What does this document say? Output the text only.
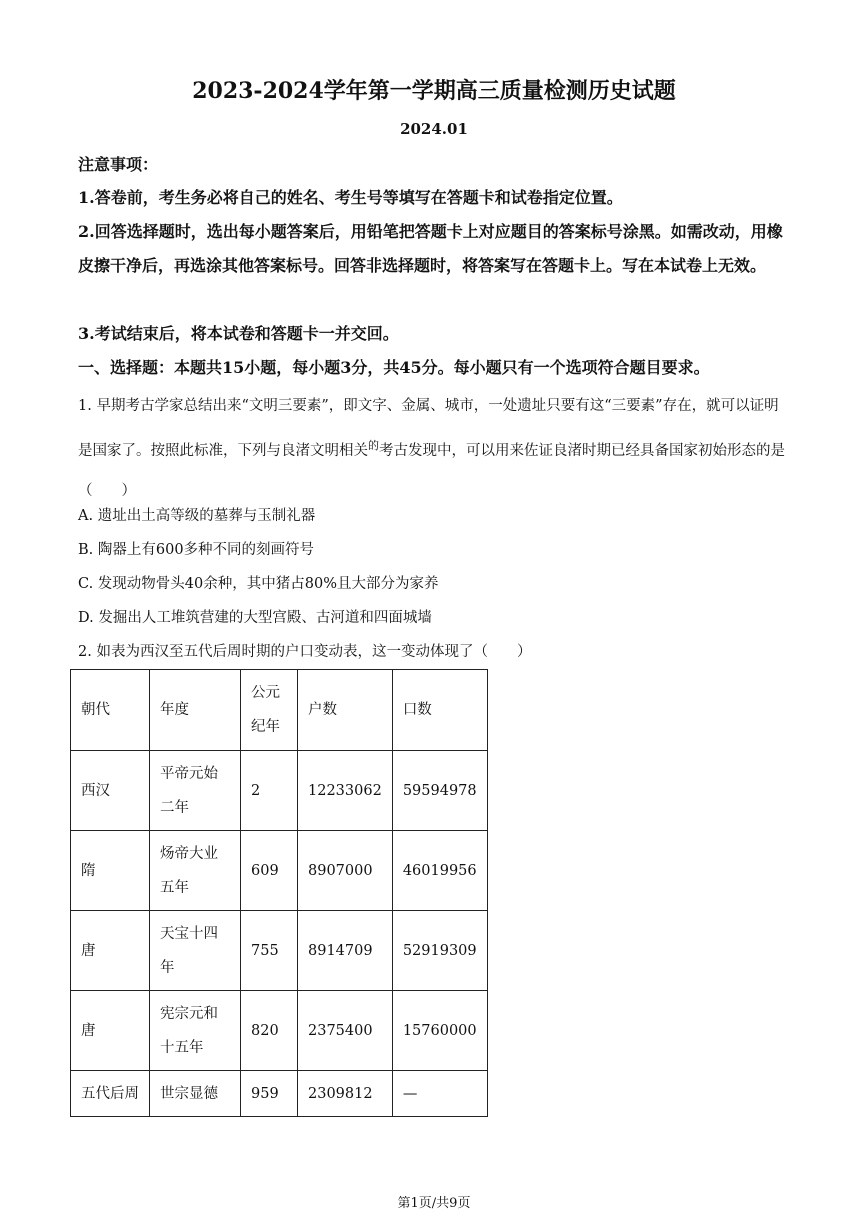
2023-2024学年第一学期高三质量检测历史试题
2024.01
注意事项：
1.答卷前，考生务必将自己的姓名、考生号等填写在答题卡和试卷指定位置。
2.回答选择题时，选出每小题答案后，用铅笔把答题卡上对应题目的答案标号涂黑。如需改动，用橡皮擦干净后，再选涂其他答案标号。回答非选择题时，将答案写在答题卡上。写在本试卷上无效。
3.考试结束后，将本试卷和答题卡一并交回。
一、选择题：本题共15小题，每小题3分，共45分。每小题只有一个选项符合题目要求。
1. 早期考古学家总结出来“文明三要素”，即文字、金属、城市，一处遗址只要有这“三要素”存在，就可以证明是国家了。按照此标准，下列与良渚文明相关$^的$考古发现中，可以用来佐证良渚时期已经具备国家初始形态的是（　　）
A. 遗址出土高等级的墓葬与玉制礼器
B. 陶器上有600多种不同的刻画符号
C. 发现动物骨头40余种，其中猪占80%且大部分为家养
D. 发掘出人工堆筑营建的大型宫殿、古河道和四面城墙
2. 如表为西汉至五代后周时期的户口变动表，这一变动体现了（　　）
朝代	年度	公元纪年	户数	口数
西汉	平帝元始二年	2	12233062	59594978
隋	炀帝大业五年	609	8907000	46019956
唐	天宝十四年	755	8914709	52919309
唐	宪宗元和十五年	820	2375400	15760000
五代后周	世宗显德	959	2309812	—
第1页/共9页
